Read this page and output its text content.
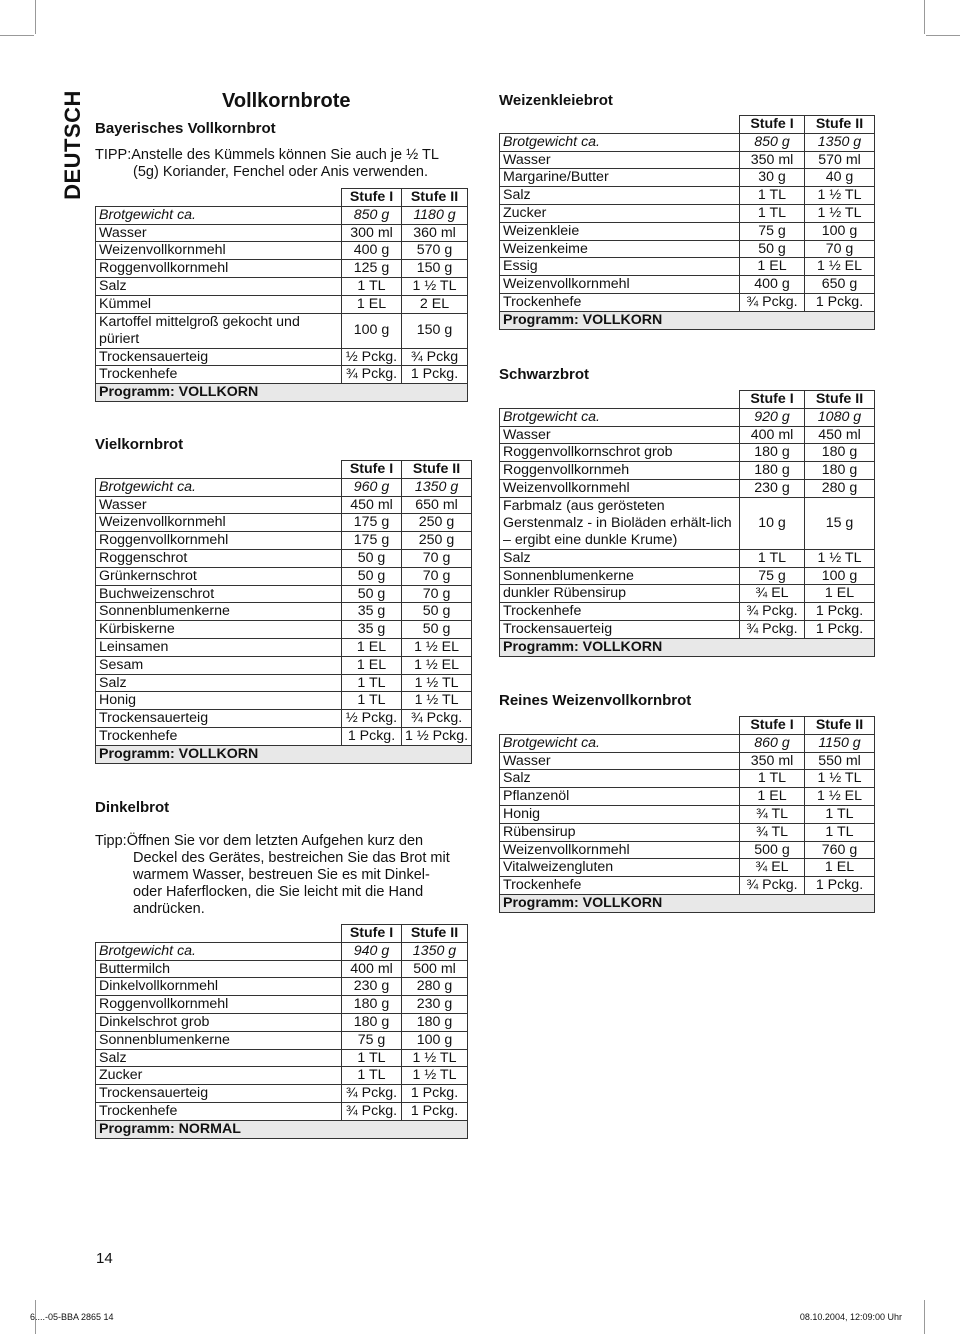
DEUTSCH	Vollkornbrote
Bayerisches Vollkornbrot
TIPP: Anstelle des Kümmels können Sie auch je ½ TL
(5g) Koriander, Fenchel oder Anis verwenden.
	Stufe I	Stufe II
Brotgewicht ca.	850 g	1180 g
Wasser	300 ml	360 ml
Weizenvollkornmehl	400 g	570 g
Roggenvollkornmehl	125 g	150 g
Salz	1 TL	1 ½ TL
Kümmel	1 EL	2 EL
Kartoffel mittelgroß gekocht und püriert	100 g	150 g
Trockensauerteig	½ Pckg.	¾ Pckg
Trockenhefe	¾ Pckg.	1 Pckg.
Programm: VOLLKORN		
Vielkornbrot
	Stufe I	Stufe II
Brotgewicht ca.	960 g	1350 g
Wasser	450 ml	650 ml
Weizenvollkornmehl	175 g	250 g
Roggenvollkornmehl	175 g	250 g
Roggenschrot	50 g	70 g
Grünkernschrot	50 g	70 g
Buchweizenschrot	50 g	70 g
Sonnenblumenkerne	35 g	50 g
Kürbiskerne	35 g	50 g
Leinsamen	1 EL	1 ½ EL
Sesam	1 EL	1 ½ EL
Salz	1 TL	1 ½ TL
Honig	1 TL	1 ½ TL
Trockensauerteig	½ Pckg.	¾ Pckg.
Trockenhefe	1 Pckg.	1 ½ Pckg.
Programm: VOLLKORN		
Dinkelbrot
Tipp: Öffnen Sie vor dem letzten Aufgehen kurz den
Deckel des Gerätes, bestreichen Sie das Brot mit
warmem Wasser, bestreuen Sie es mit Dinkel-
oder Haferflocken, die Sie leicht mit die Hand
andrücken.
	Stufe I	Stufe II
Brotgewicht ca.	940 g	1350 g
Buttermilch	400 ml	500 ml
Dinkelvollkornmehl	230 g	280 g
Roggenvollkornmehl	180 g	230 g
Dinkelschrot grob	180 g	180 g
Sonnenblumenkerne	75 g	100 g
Salz	1 TL	1 ½ TL
Zucker	1 TL	1 ½ TL
Trockensauerteig	¾ Pckg.	1 Pckg.
Trockenhefe	¾ Pckg.	1 Pckg.
Programm: NORMAL		
Weizenkleiebrot
	Stufe I	Stufe II
Brotgewicht ca.	850 g	1350 g
Wasser	350 ml	570 ml
Margarine/Butter	30 g	40 g
Salz	1 TL	1 ½ TL
Zucker	1 TL	1 ½ TL
Weizenkleie	75 g	100 g
Weizenkeime	50 g	70 g
Essig	1 EL	1 ½ EL
Weizenvollkornmehl	400 g	650 g
Trockenhefe	¾ Pckg.	1 Pckg.
Programm: VOLLKORN		
Schwarzbrot
	Stufe I	Stufe II
Brotgewicht ca.	920 g	1080 g
Wasser	400 ml	450 ml
Roggenvollkornschrot grob	180 g	180 g
Roggenvollkornmeh	180 g	180 g
Weizenvollkornmehl	230 g	280 g
Farbmalz (aus gerösteten Gerstenmalz - in Bioläden erhält-lich – ergibt eine dunkle Krume)	10 g	15 g
Salz	1 TL	1 ½ TL
Sonnenblumenkerne	75 g	100 g
dunkler Rübensirup	¾ EL	1 EL
Trockenhefe	¾ Pckg.	1 Pckg.
Trockensauerteig	¾ Pckg.	1 Pckg.
Programm: VOLLKORN		
Reines Weizenvollkornbrot
	Stufe I	Stufe II
Brotgewicht ca.	860 g	1150 g
Wasser	350 ml	550 ml
Salz	1 TL	1 ½ TL
Pflanzenöl	1 EL	1 ½ EL
Honig	¾ TL	1 TL
Rübensirup	¾ TL	1 TL
Weizenvollkornmehl	500 g	760 g
Vitalweizengluten	¾ EL	1 EL
Trockenhefe	¾ Pckg.	1 Pckg.
Programm: VOLLKORN		
14
6....-05-BBA 2865 14	08.10.2004, 12:09:00 Uhr
